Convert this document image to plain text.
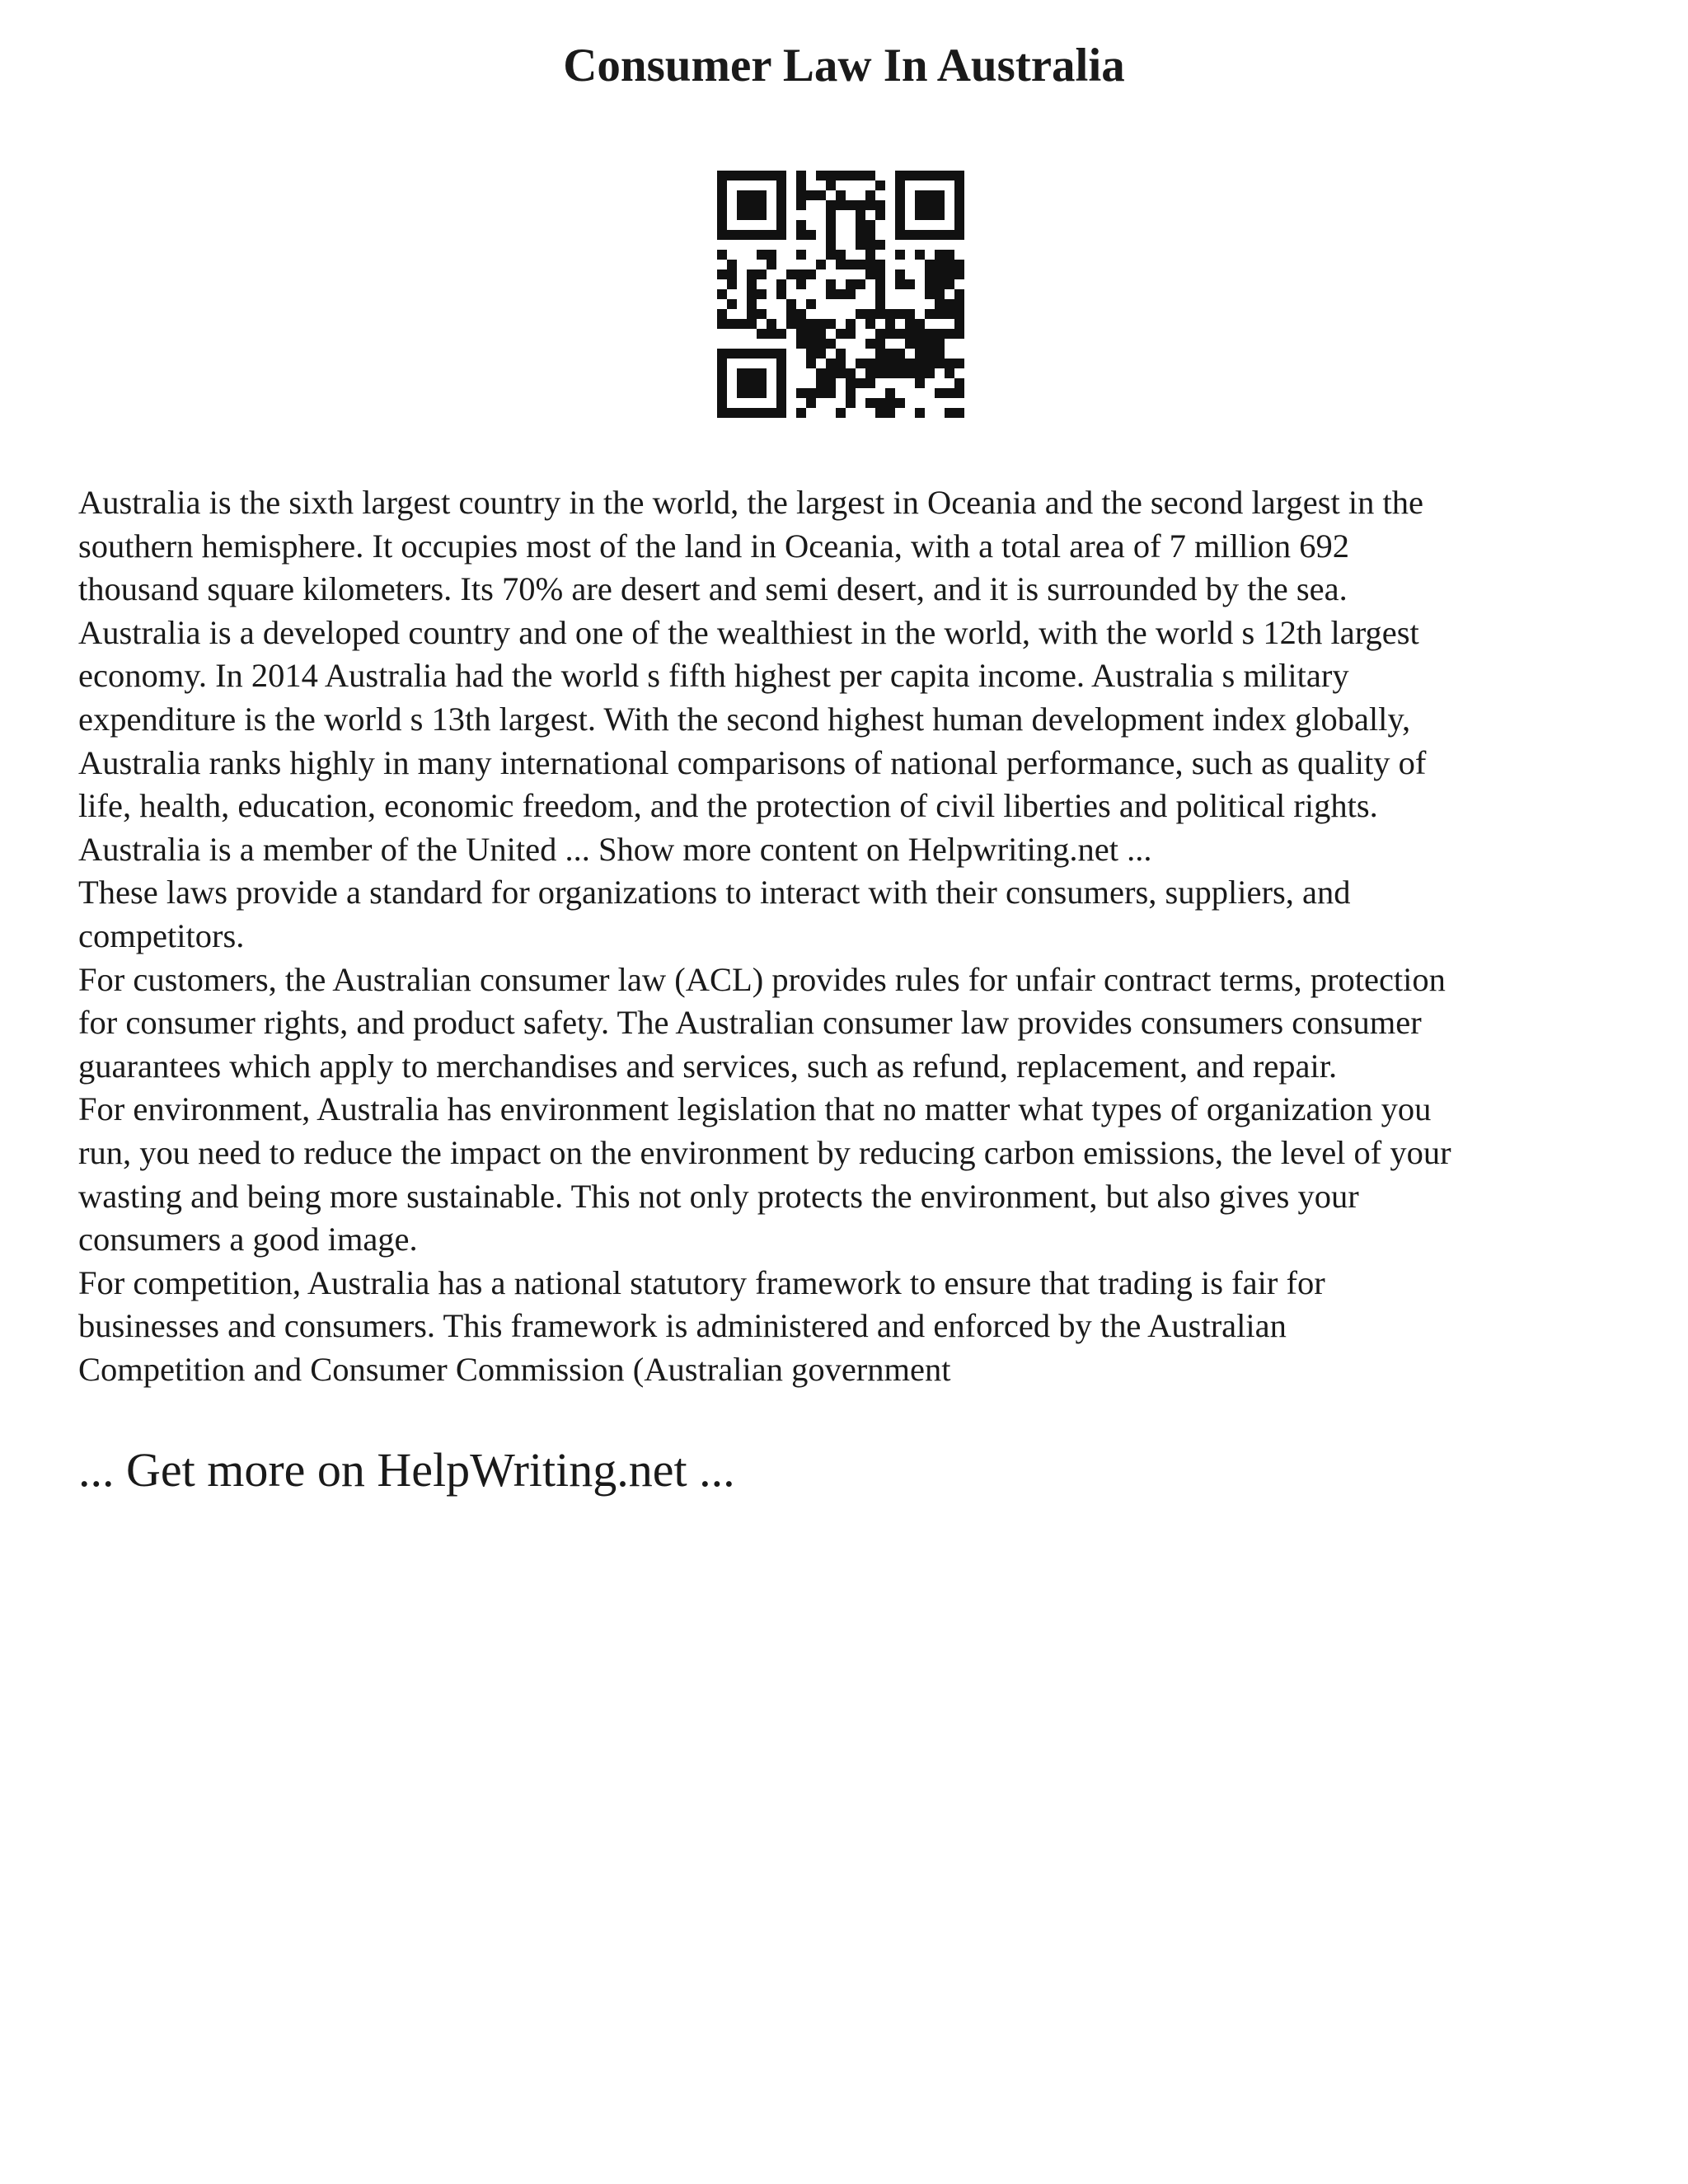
Consumer Law In Australia

Australia is the sixth largest country in the world, the largest in Oceania and the second largest in the

southern hemisphere. It occupies most of the land in Oceania, with a total area of 7 million 692

thousand square kilometers. Its 70% are desert and semi desert, and it is surrounded by the sea.

Australia is a developed country and one of the wealthiest in the world, with the world s 12th largest

economy. In 2014 Australia had the world s fifth highest per capita income. Australia s military

expenditure is the world s 13th largest. With the second highest human development index globally,

Australia ranks highly in many international comparisons of national performance, such as quality of

life, health, education, economic freedom, and the protection of civil liberties and political rights.

Australia is a member of the United ... Show more content on Helpwriting.net ...

These laws provide a standard for organizations to interact with their consumers, suppliers, and

competitors.

For customers, the Australian consumer law (ACL) provides rules for unfair contract terms, protection

for consumer rights, and product safety. The Australian consumer law provides consumers consumer

guarantees which apply to merchandises and services, such as refund, replacement, and repair.

For environment, Australia has environment legislation that no matter what types of organization you

run, you need to reduce the impact on the environment by reducing carbon emissions, the level of your

wasting and being more sustainable. This not only protects the environment, but also gives your

consumers a good image.

For competition, Australia has a national statutory framework to ensure that trading is fair for

businesses and consumers. This framework is administered and enforced by the Australian

Competition and Consumer Commission (Australian government

... Get more on HelpWriting.net ...
